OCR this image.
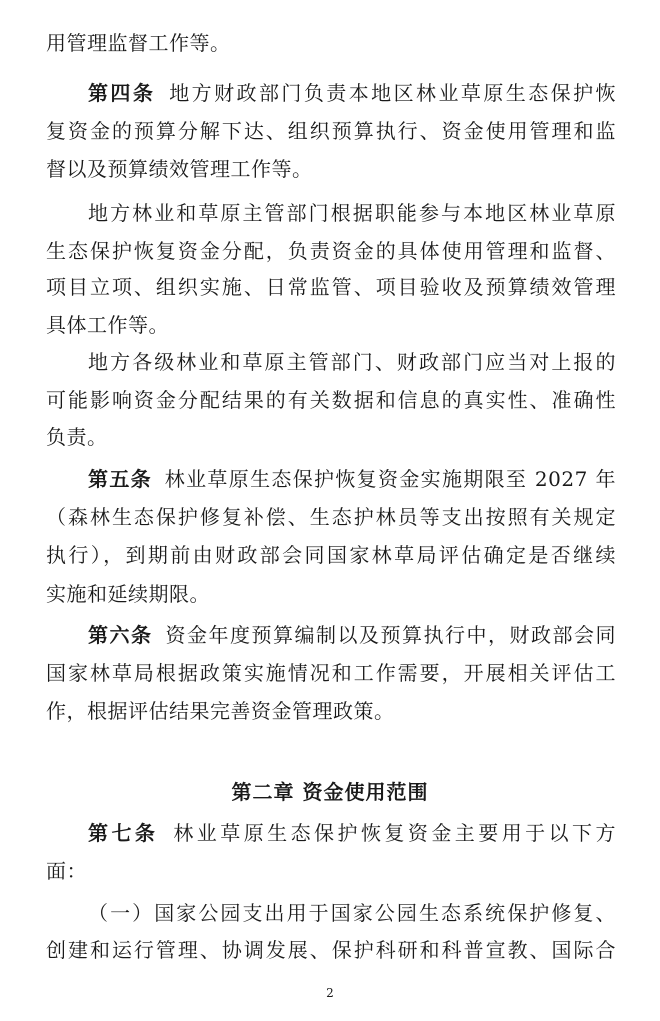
用管理监督工作等。
第四条 地方财政部门负责本地区林业草原生态保护恢
复资金的预算分解下达、组织预算执行、资金使用管理和监
督以及预算绩效管理工作等。
地方林业和草原主管部门根据职能参与本地区林业草原
生态保护恢复资金分配，负责资金的具体使用管理和监督、
项目立项、组织实施、日常监管、项目验收及预算绩效管理
具体工作等。
地方各级林业和草原主管部门、财政部门应当对上报的
可能影响资金分配结果的有关数据和信息的真实性、准确性
负责。
第五条 林业草原生态保护恢复资金实施期限至 2027 年
（森林生态保护修复补偿、生态护林员等支出按照有关规定
执行），到期前由财政部会同国家林草局评估确定是否继续
实施和延续期限。
第六条 资金年度预算编制以及预算执行中，财政部会同
国家林草局根据政策实施情况和工作需要，开展相关评估工
作，根据评估结果完善资金管理政策。
第二章 资金使用范围
第七条 林业草原生态保护恢复资金主要用于以下方
面：
（一）国家公园支出用于国家公园生态系统保护修复、
创建和运行管理、协调发展、保护科研和科普宣教、国际合
2
